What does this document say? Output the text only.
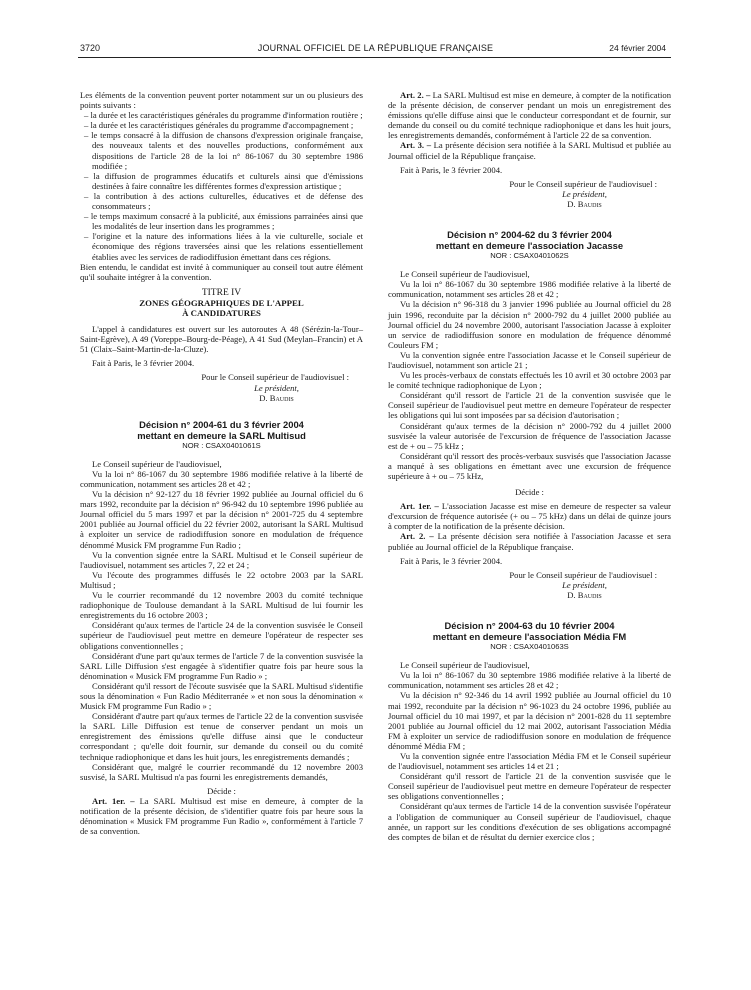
3720	JOURNAL OFFICIEL DE LA RÉPUBLIQUE FRANÇAISE	24 février 2004

Les éléments de la convention peuvent porter notamment sur un ou plusieurs des points suivants :

– la durée et les caractéristiques générales du programme d'information routière ;
– la durée et les caractéristiques générales du programme d'accompagnement ;
– le temps consacré à la diffusion de chansons d'expression originale française, des nouveaux talents et des nouvelles productions, conformément aux dispositions de l'article 28 de la loi n° 86-1067 du 30 septembre 1986 modifiée ;
– la diffusion de programmes éducatifs et culturels ainsi que d'émissions destinées à faire connaître les différentes formes d'expression artistique ;
– la contribution à des actions culturelles, éducatives et de défense des consommateurs ;
– le temps maximum consacré à la publicité, aux émissions parrainées ainsi que les modalités de leur insertion dans les programmes ;
– l'origine et la nature des informations liées à la vie culturelle, sociale et économique des régions traversées ainsi que les relations essentiellement établies avec les services de radiodiffusion émettant dans ces régions.

Bien entendu, le candidat est invité à communiquer au conseil tout autre élément qu'il souhaite intégrer à la convention.

TITRE IV

ZONES GÉOGRAPHIQUES DE L'APPEL

À CANDIDATURES

L'appel à candidatures est ouvert sur les autoroutes A 48 (Sérézin-la-Tour–Saint-Egrève), A 49 (Voreppe–Bourg-de-Péage), A 41 Sud (Meylan–Francin) et A 51 (Claix–Saint-Martin-de-la-Cluze).

Fait à Paris, le 3 février 2004.

Pour le Conseil supérieur de l'audiovisuel :

Le président,

D. Baudis

Décision n° 2004-61 du 3 février 2004

mettant en demeure la SARL Multisud

NOR : CSAX0401061S

Le Conseil supérieur de l'audiovisuel,

Vu la loi n° 86-1067 du 30 septembre 1986 modifiée relative à la liberté de communication, notamment ses articles 28 et 42 ;

Vu la décision n° 92-127 du 18 février 1992 publiée au Journal officiel du 6 mars 1992, reconduite par la décision n° 96-942 du 10 septembre 1996 publiée au Journal officiel du 5 mars 1997 et par la décision n° 2001-725 du 4 septembre 2001 publiée au Journal officiel du 22 février 2002, autorisant la SARL Multisud à exploiter un service de radiodiffusion sonore en modulation de fréquence dénommé Musick FM programme Fun Radio ;

Vu la convention signée entre la SARL Multisud et le Conseil supérieur de l'audiovisuel, notamment ses articles 7, 22 et 24 ;

Vu l'écoute des programmes diffusés le 22 octobre 2003 par la SARL Multisud ;

Vu le courrier recommandé du 12 novembre 2003 du comité technique radiophonique de Toulouse demandant à la SARL Multisud de lui fournir les enregistrements du 16 octobre 2003 ;

Considérant qu'aux termes de l'article 24 de la convention susvisée le Conseil supérieur de l'audiovisuel peut mettre en demeure l'opérateur de respecter ses obligations conventionnelles ;

Considérant d'une part qu'aux termes de l'article 7 de la convention susvisée la SARL Lille Diffusion s'est engagée à s'identifier quatre fois par heure sous la dénomination « Musick FM programme Fun Radio » ;

Considérant qu'il ressort de l'écoute susvisée que la SARL Multisud s'identifie sous la dénomination « Fun Radio Méditerranée » et non sous la dénomination « Musick FM programme Fun Radio » ;

Considérant d'autre part qu'aux termes de l'article 22 de la convention susvisée la SARL Lille Diffusion est tenue de conserver pendant un mois un enregistrement des émissions qu'elle diffuse ainsi que le conducteur correspondant ; qu'elle doit fournir, sur demande du conseil ou du comité technique radiophonique et dans les huit jours, les enregistrements demandés ;

Considérant que, malgré le courrier recommandé du 12 novembre 2003 susvisé, la SARL Multisud n'a pas fourni les enregistrements demandés,

Décide :

Art. 1er. – La SARL Multisud est mise en demeure, à compter de la notification de la présente décision, de s'identifier quatre fois par heure sous la dénomination « Musick FM programme Fun Radio », conformément à l'article 7 de sa convention.

Art. 2. – La SARL Multisud est mise en demeure, à compter de la notification de la présente décision, de conserver pendant un mois un enregistrement des émissions qu'elle diffuse ainsi que le conducteur correspondant et de fournir, sur demande du conseil ou du comité technique radiophonique et dans les huit jours, les enregistrements demandés, conformément à l'article 22 de sa convention.

Art. 3. – La présente décision sera notifiée à la SARL Multisud et publiée au Journal officiel de la République française.

Fait à Paris, le 3 février 2004.

Pour le Conseil supérieur de l'audiovisuel :

Le président,

D. Baudis

Décision n° 2004-62 du 3 février 2004

mettant en demeure l'association Jacasse

NOR : CSAX0401062S

Le Conseil supérieur de l'audiovisuel,

Vu la loi n° 86-1067 du 30 septembre 1986 modifiée relative à la liberté de communication, notamment ses articles 28 et 42 ;

Vu la décision n° 96-318 du 3 janvier 1996 publiée au Journal officiel du 28 juin 1996, reconduite par la décision n° 2000-792 du 4 juillet 2000 publiée au Journal officiel du 24 novembre 2000, autorisant l'association Jacasse à exploiter un service de radiodiffusion sonore en modulation de fréquence dénommé Couleurs FM ;

Vu la convention signée entre l'association Jacasse et le Conseil supérieur de l'audiovisuel, notamment son article 21 ;

Vu les procès-verbaux de constats effectués les 10 avril et 30 octobre 2003 par le comité technique radiophonique de Lyon ;

Considérant qu'il ressort de l'article 21 de la convention susvisée que le Conseil supérieur de l'audiovisuel peut mettre en demeure l'opérateur de respecter les obligations qui lui sont imposées par sa décision d'autorisation ;

Considérant qu'aux termes de la décision n° 2000-792 du 4 juillet 2000 susvisée la valeur autorisée de l'excursion de fréquence de l'association Jacasse est de + ou – 75 kHz ;

Considérant qu'il ressort des procès-verbaux susvisés que l'association Jacasse a manqué à ses obligations en émettant avec une excursion de fréquence supérieure à + ou – 75 kHz,

Décide :

Art. 1er. – L'association Jacasse est mise en demeure de respecter sa valeur d'excursion de fréquence autorisée (+ ou – 75 kHz) dans un délai de quinze jours à compter de la notification de la présente décision.

Art. 2. – La présente décision sera notifiée à l'association Jacasse et sera publiée au Journal officiel de la République française.

Fait à Paris, le 3 février 2004.

Pour le Conseil supérieur de l'audiovisuel :

Le président,

D. Baudis

Décision n° 2004-63 du 10 février 2004

mettant en demeure l'association Média FM

NOR : CSAX0401063S

Le Conseil supérieur de l'audiovisuel,

Vu la loi n° 86-1067 du 30 septembre 1986 modifiée relative à la liberté de communication, notamment ses articles 28 et 42 ;

Vu la décision n° 92-346 du 14 avril 1992 publiée au Journal officiel du 10 mai 1992, reconduite par la décision n° 96-1023 du 24 octobre 1996, publiée au Journal officiel du 10 mai 1997, et par la décision n° 2001-828 du 11 septembre 2001 publiée au Journal officiel du 12 mai 2002, autorisant l'association Média FM à exploiter un service de radiodiffusion sonore en modulation de fréquence dénommé Média FM ;

Vu la convention signée entre l'association Média FM et le Conseil supérieur de l'audiovisuel, notamment ses articles 14 et 21 ;

Considérant qu'il ressort de l'article 21 de la convention susvisée que le Conseil supérieur de l'audiovisuel peut mettre en demeure l'opérateur de respecter ses obligations conventionnelles ;

Considérant qu'aux termes de l'article 14 de la convention susvisée l'opérateur a l'obligation de communiquer au Conseil supérieur de l'audiovisuel, chaque année, un rapport sur les conditions d'exécution de ses obligations accompagné des comptes de bilan et de résultat du dernier exercice clos ;
